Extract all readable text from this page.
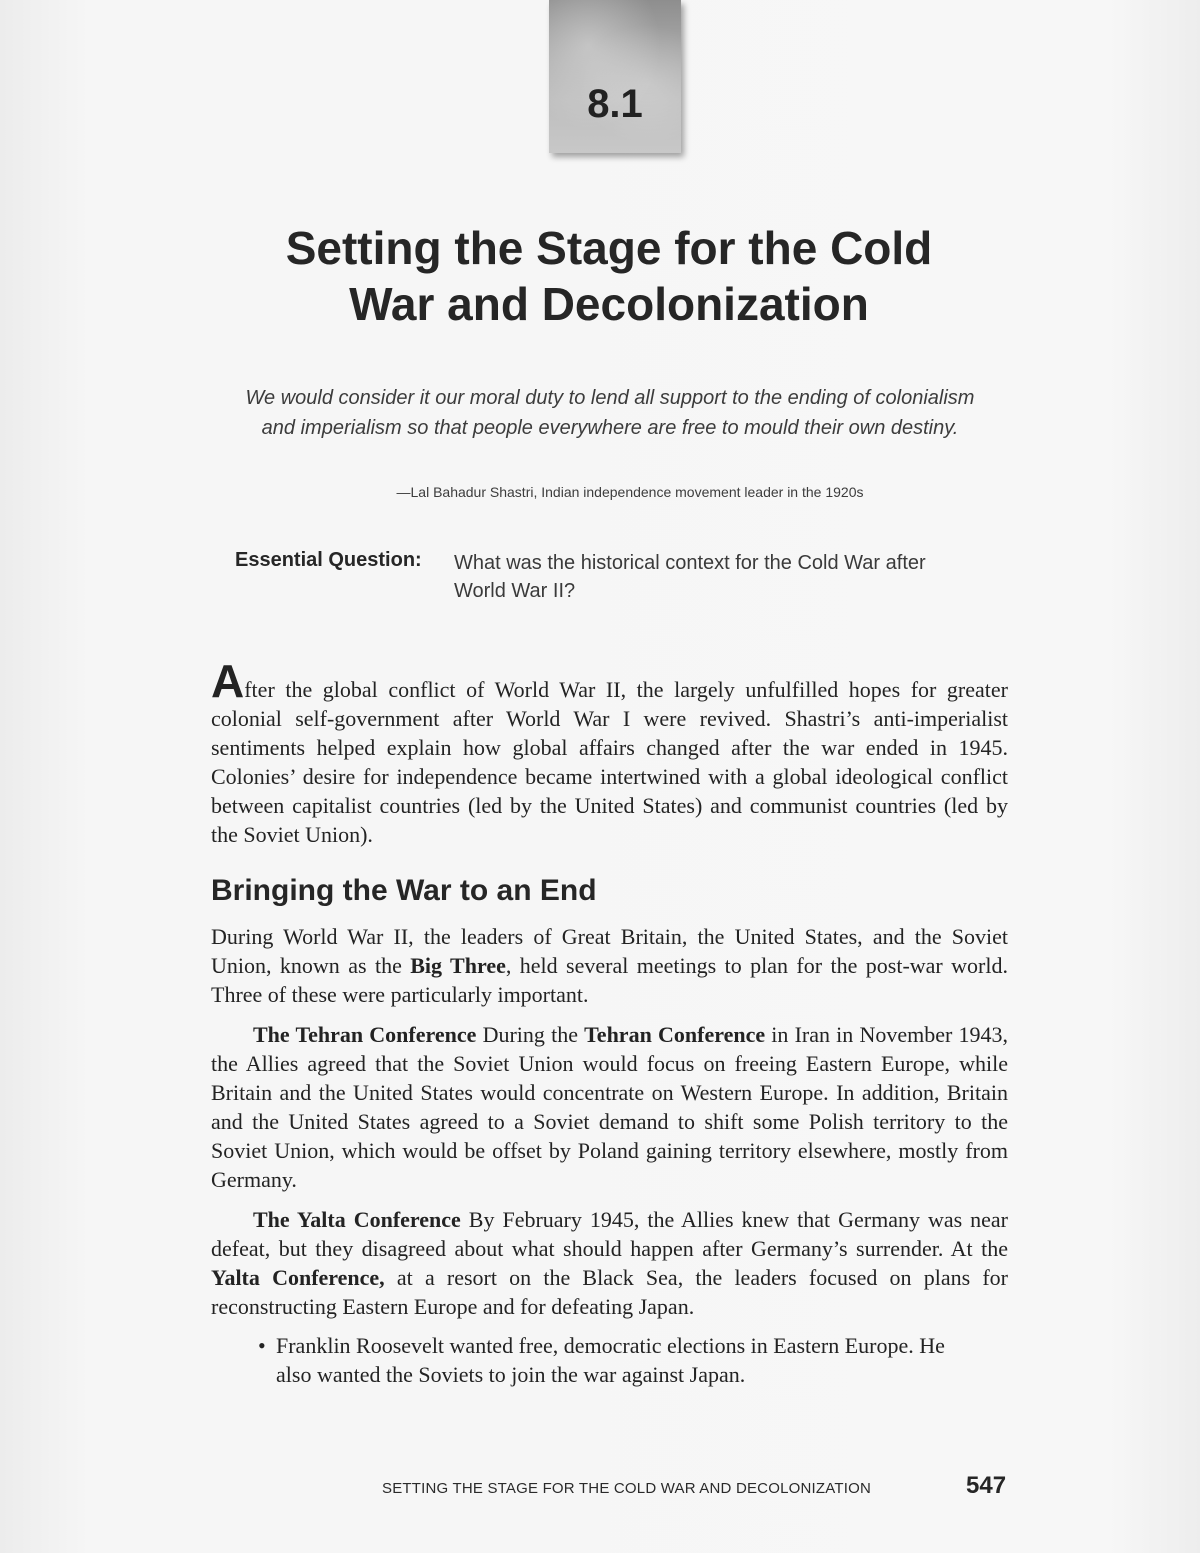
8.1
Setting the Stage for the Cold
War and Decolonization

We would consider it our moral duty to lend all support to the ending of colonialism and imperialism so that people everywhere are free to mould their own destiny.

—Lal Bahadur Shastri, Indian independence movement leader in the 1920s
Essential Question: What was the historical context for the Cold War after World War II?

After the global conflict of World War II, the largely unfulfilled hopes for greater colonial self-government after World War I were revived. Shastri’s anti-imperialist sentiments helped explain how global affairs changed after the war ended in 1945. Colonies’ desire for independence became intertwined with a global ideological conflict between capitalist countries (led by the United States) and communist countries (led by the Soviet Union).

Bringing the War to an End

During World War II, the leaders of Great Britain, the United States, and the Soviet Union, known as the Big Three, held several meetings to plan for the post-war world. Three of these were particularly important.

The Tehran Conference During the Tehran Conference in Iran in November 1943, the Allies agreed that the Soviet Union would focus on freeing Eastern Europe, while Britain and the United States would concentrate on Western Europe. In addition, Britain and the United States agreed to a Soviet demand to shift some Polish territory to the Soviet Union, which would be offset by Poland gaining territory elsewhere, mostly from Germany.

The Yalta Conference By February 1945, the Allies knew that Germany was near defeat, but they disagreed about what should happen after Germany’s surrender. At the Yalta Conference, at a resort on the Black Sea, the leaders focused on plans for reconstructing Eastern Europe and for defeating Japan.

• Franklin Roosevelt wanted free, democratic elections in Eastern Europe. He also wanted the Soviets to join the war against Japan.
SETTING THE STAGE FOR THE COLD WAR AND DECOLONIZATION	547
